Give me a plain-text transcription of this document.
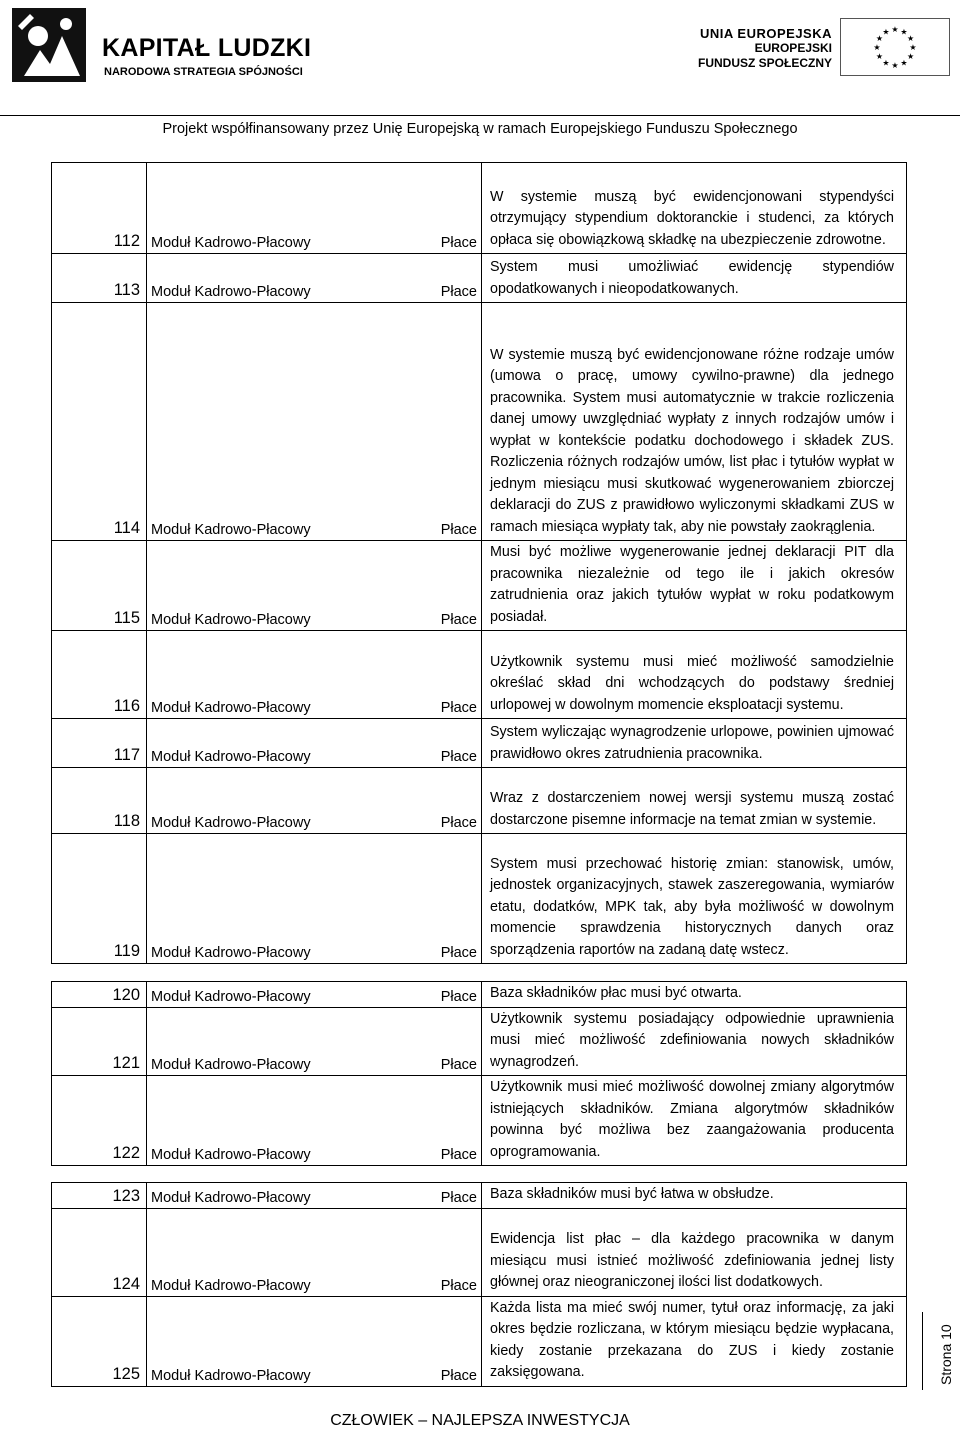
KAPITAŁ LUDZKI
NARODOWA STRATEGIA SPÓJNOŚCI
UNIA EUROPEJSKA
EUROPEJSKI
FUNDUSZ SPOŁECZNY
★ ★
★
★
★
★
★
★
★
★
★
★
Projekt współfinansowany przez Unię Europejską w ramach Europejskiego Funduszu Społecznego
112	Moduł Kadrowo-Płacowy Płace	W systemie muszą być ewidencjonowani stypendyści otrzymujący stypendium doktoranckie i studenci, za których opłaca się obowiązkową składkę na ubezpieczenie zdrowotne.
113	Moduł Kadrowo-Płacowy Płace	System musi umożliwiać ewidencję stypendiów opodatkowanych i nieopodatkowanych.
114	Moduł Kadrowo-Płacowy Płace	W systemie muszą być ewidencjonowane różne rodzaje umów (umowa o pracę, umowy cywilno-prawne) dla jednego pracownika. System musi automatycznie w trakcie rozliczenia danej umowy uwzględniać wypłaty z innych rodzajów umów i wypłat w kontekście podatku dochodowego i składek ZUS. Rozliczenia różnych rodzajów umów, list płac i tytułów wypłat w jednym miesiącu musi skutkować wygenerowaniem zbiorczej deklaracji do ZUS z prawidłowo wyliczonymi składkami ZUS w ramach miesiąca wypłaty tak, aby nie powstały zaokrąglenia.
115	Moduł Kadrowo-Płacowy Płace	Musi być możliwe wygenerowanie jednej deklaracji PIT dla pracownika niezależnie od tego ile i jakich okresów zatrudnienia oraz jakich tytułów wypłat w roku podatkowym posiadał.
116	Moduł Kadrowo-Płacowy Płace	Użytkownik systemu musi mieć możliwość samodzielnie określać skład dni wchodzących do podstawy średniej urlopowej w dowolnym momencie eksploatacji systemu.
117	Moduł Kadrowo-Płacowy Płace	System wyliczając wynagrodzenie urlopowe, powinien ujmować prawidłowo okres zatrudnienia pracownika.
118	Moduł Kadrowo-Płacowy Płace	Wraz z dostarczeniem nowej wersji systemu muszą zostać dostarczone pisemne informacje na temat zmian w systemie.
119	Moduł Kadrowo-Płacowy Płace	System musi przechować historię zmian: stanowisk, umów, jednostek organizacyjnych, stawek zaszeregowania, wymiarów etatu, dodatków, MPK tak, aby była możliwość w dowolnym momencie sprawdzenia historycznych danych oraz sporządzenia raportów na zadaną datę wstecz.
120	Moduł Kadrowo-Płacowy Płace	Baza składników płac musi być otwarta.
121	Moduł Kadrowo-Płacowy Płace	Użytkownik systemu posiadający odpowiednie uprawnienia musi mieć możliwość zdefiniowania nowych składników wynagrodzeń.
122	Moduł Kadrowo-Płacowy Płace	Użytkownik musi mieć możliwość dowolnej zmiany algorytmów istniejących składników. Zmiana algorytmów składników powinna być możliwa bez zaangażowania producenta oprogramowania.
123	Moduł Kadrowo-Płacowy Płace	Baza składników musi być łatwa w obsłudze.
124	Moduł Kadrowo-Płacowy Płace	Ewidencja list płac – dla każdego pracownika w danym miesiącu musi istnieć możliwość zdefiniowania jednej listy głównej oraz nieograniczonej ilości list dodatkowych.
125	Moduł Kadrowo-Płacowy Płace	Każda lista ma mieć swój numer, tytuł oraz informację, za jaki okres będzie rozliczana, w którym miesiącu będzie wypłacana, kiedy zostanie przekazana do ZUS i kiedy zostanie zaksięgowana.	Strona 10
CZŁOWIEK – NAJLEPSZA INWESTYCJA
